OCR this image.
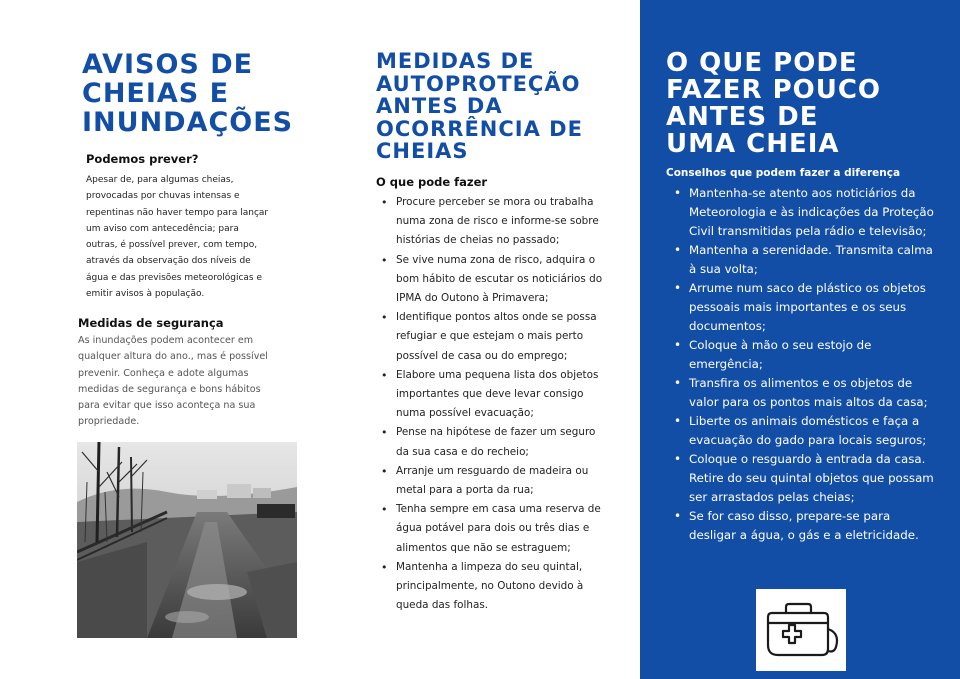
AVISOS DE
CHEIAS E
INUNDAÇÕES
Podemos prever?

Apesar de, para algumas cheias, provocadas por chuvas intensas e repentinas não haver tempo para lançar um aviso com antecedência; para outras, é possível prever, com tempo, através da observação dos níveis de água e das previsões meteorológicas e emitir avisos à população.

Medidas de segurança

As inundações podem acontecer em qualquer altura do ano., mas é possível prevenir. Conheça e adote algumas medidas de segurança e bons hábitos para evitar que isso aconteça na sua propriedade.

MEDIDAS DE
AUTOPROTEÇÃO
ANTES DA
OCORRÊNCIA DE
CHEIAS
O que pode fazer
• Procure perceber se mora ou trabalha numa zona de risco e informe-se sobre histórias de cheias no passado;
• Se vive numa zona de risco, adquira o bom hábito de escutar os noticiários do IPMA do Outono à Primavera;
• Identifique pontos altos onde se possa refugiar e que estejam o mais perto possível de casa ou do emprego;
• Elabore uma pequena lista dos objetos importantes que deve levar consigo numa possível evacuação;
• Pense na hipótese de fazer um seguro da sua casa e do recheio;
• Arranje um resguardo de madeira ou metal para a porta da rua;
• Tenha sempre em casa uma reserva de água potável para dois ou três dias e alimentos que não se estraguem;
• Mantenha a limpeza do seu quintal, principalmente, no Outono devido à queda das folhas.
O QUE PODE
FAZER POUCO
ANTES DE
UMA CHEIA
Conselhos que podem fazer a diferença
• Mantenha-se atento aos noticiários da Meteorologia e às indicações da Proteção Civil transmitidas pela rádio e televisão;
• Mantenha a serenidade. Transmita calma à sua volta;
• Arrume num saco de plástico os objetos pessoais mais importantes e os seus documentos;
• Coloque à mão o seu estojo de emergência;
• Transfira os alimentos e os objetos de valor para os pontos mais altos da casa;
• Liberte os animais domésticos e faça a evacuação do gado para locais seguros;
• Coloque o resguardo à entrada da casa. Retire do seu quintal objetos que possam ser arrastados pelas cheias;
• Se for caso disso, prepare-se para desligar a água, o gás e a eletricidade.
